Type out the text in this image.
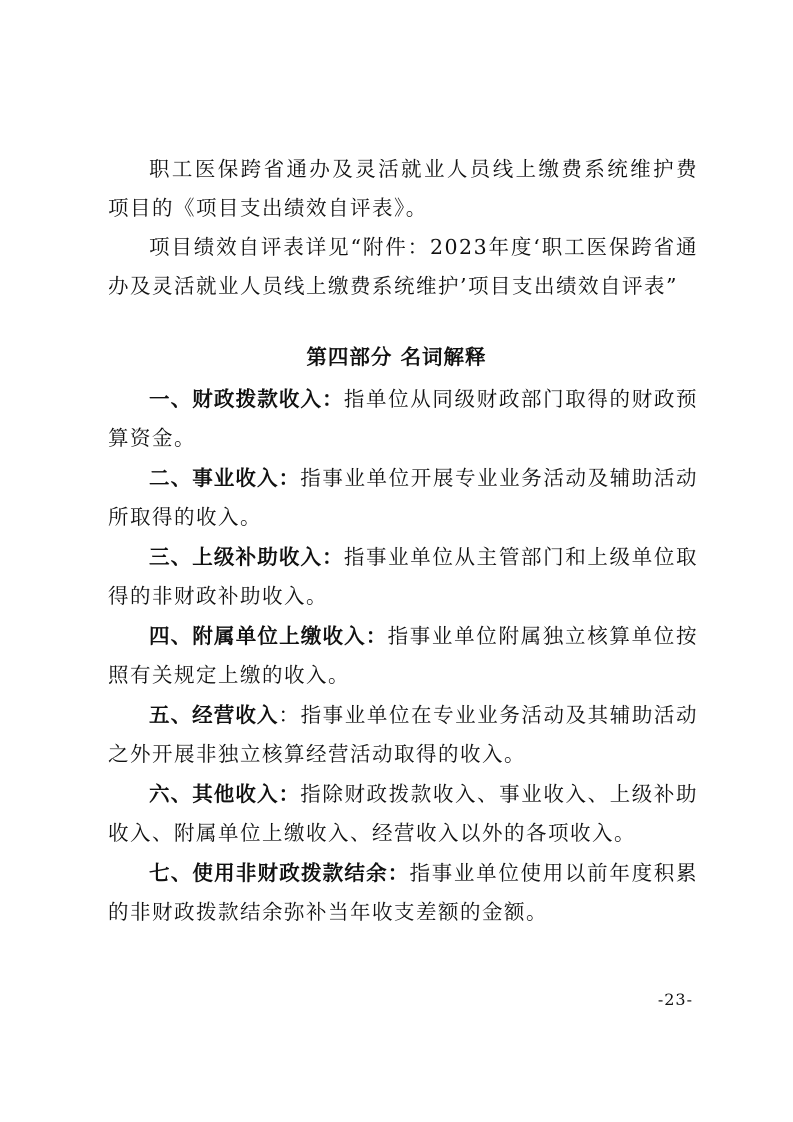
职工医保跨省通办及灵活就业人员线上缴费系统维护费项目的《项目支出绩效自评表》。

项目绩效自评表详见“附件：2023年度‘职工医保跨省通办及灵活就业人员线上缴费系统维护’项目支出绩效自评表”

第四部分 名词解释

一、财政拨款收入：指单位从同级财政部门取得的财政预算资金。

二、事业收入：指事业单位开展专业业务活动及辅助活动所取得的收入。

三、上级补助收入：指事业单位从主管部门和上级单位取得的非财政补助收入。

四、附属单位上缴收入：指事业单位附属独立核算单位按照有关规定上缴的收入。

五、经营收入：指事业单位在专业业务活动及其辅助活动之外开展非独立核算经营活动取得的收入。

六、其他收入：指除财政拨款收入、事业收入、上级补助收入、附属单位上缴收入、经营收入以外的各项收入。

七、使用非财政拨款结余：指事业单位使用以前年度积累的非财政拨款结余弥补当年收支差额的金额。

-23-
